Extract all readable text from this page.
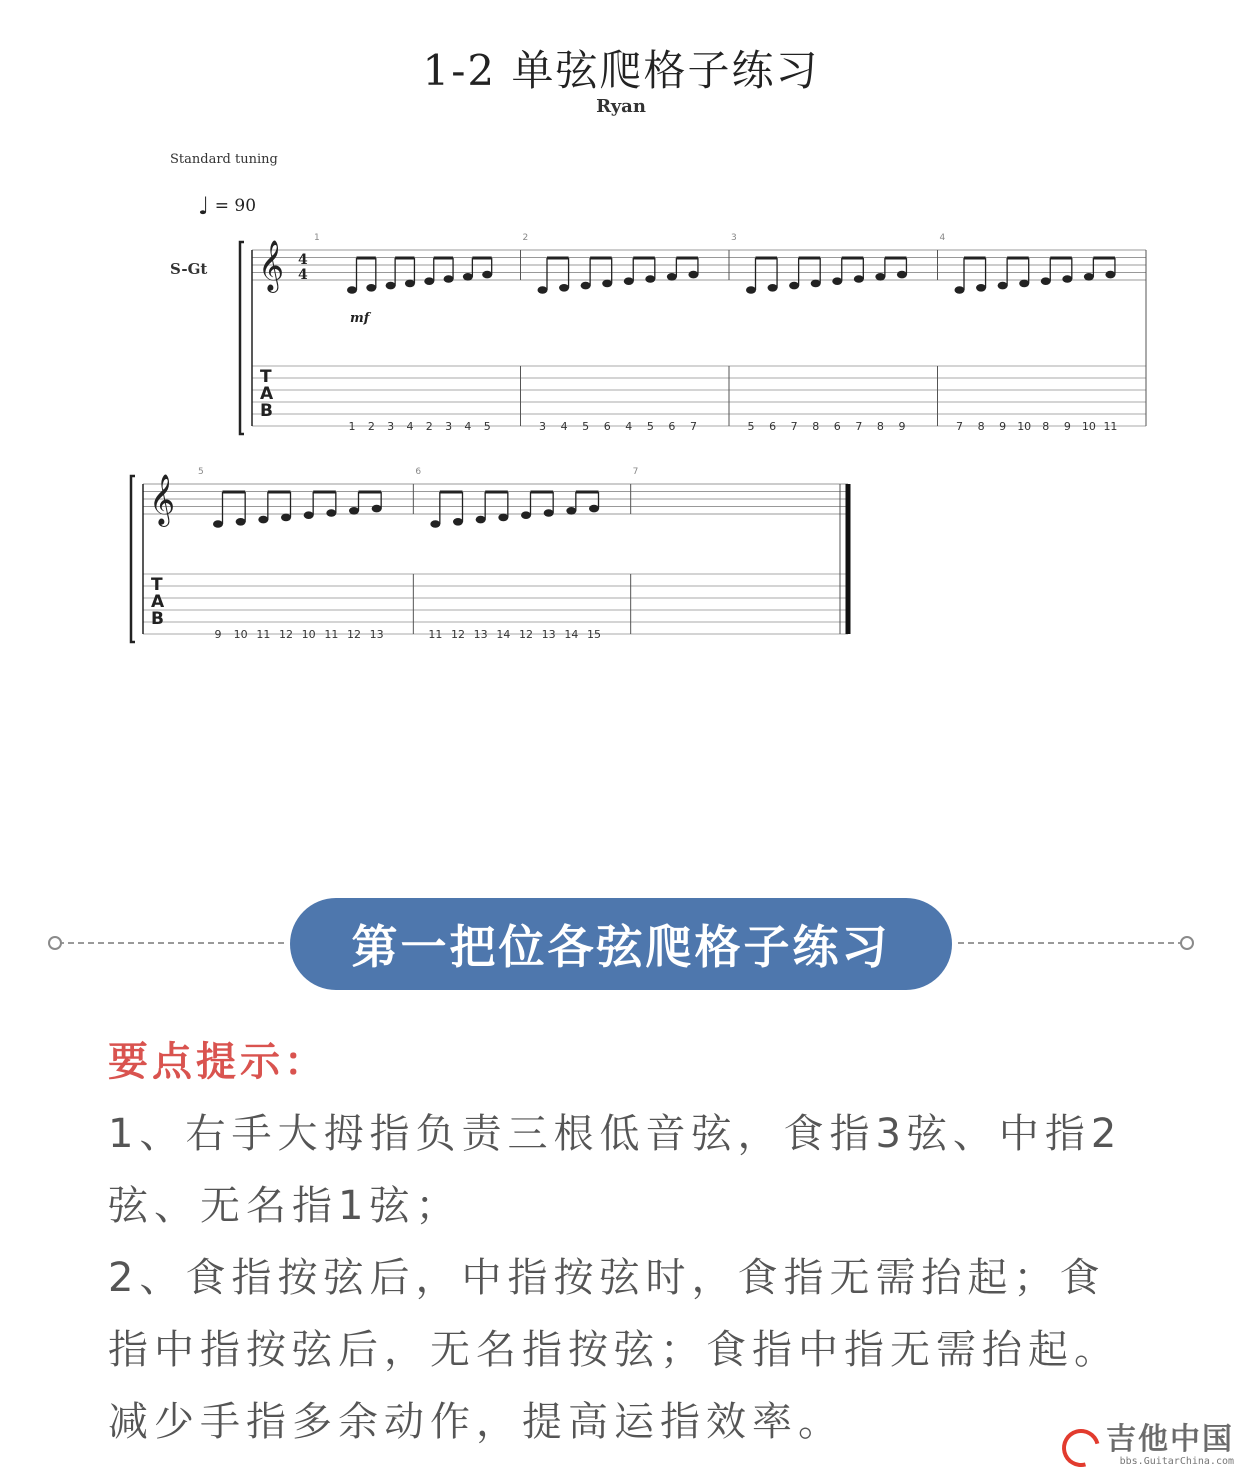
1-2 单弦爬格子练习
Ryan
Standard tuning
♩ = 90
S-Gt 𝄞 4
4
mf
T
A
B
1
1 2 3 4 2 3 4 5
2
3 4 5 6 4 5 6 7
3
5 6 7 8 6 7 8 9
4
7 8 9 10 8 9 10 11
𝄞
T
A
B
5
9 10 11 12 10 11 12 13
6
11 12 13 14 12 13 14 15
7
第一把位各弦爬格子练习
要点提示：

1、右手大拇指负责三根低音弦，食指3弦、中指2弦、无名指1弦；

2、食指按弦后，中指按弦时，食指无需抬起；食指中指按弦后，无名指按弦；食指中指无需抬起。减少手指多余动作，提高运指效率。	吉他中国
bbs.GuitarChina.com
